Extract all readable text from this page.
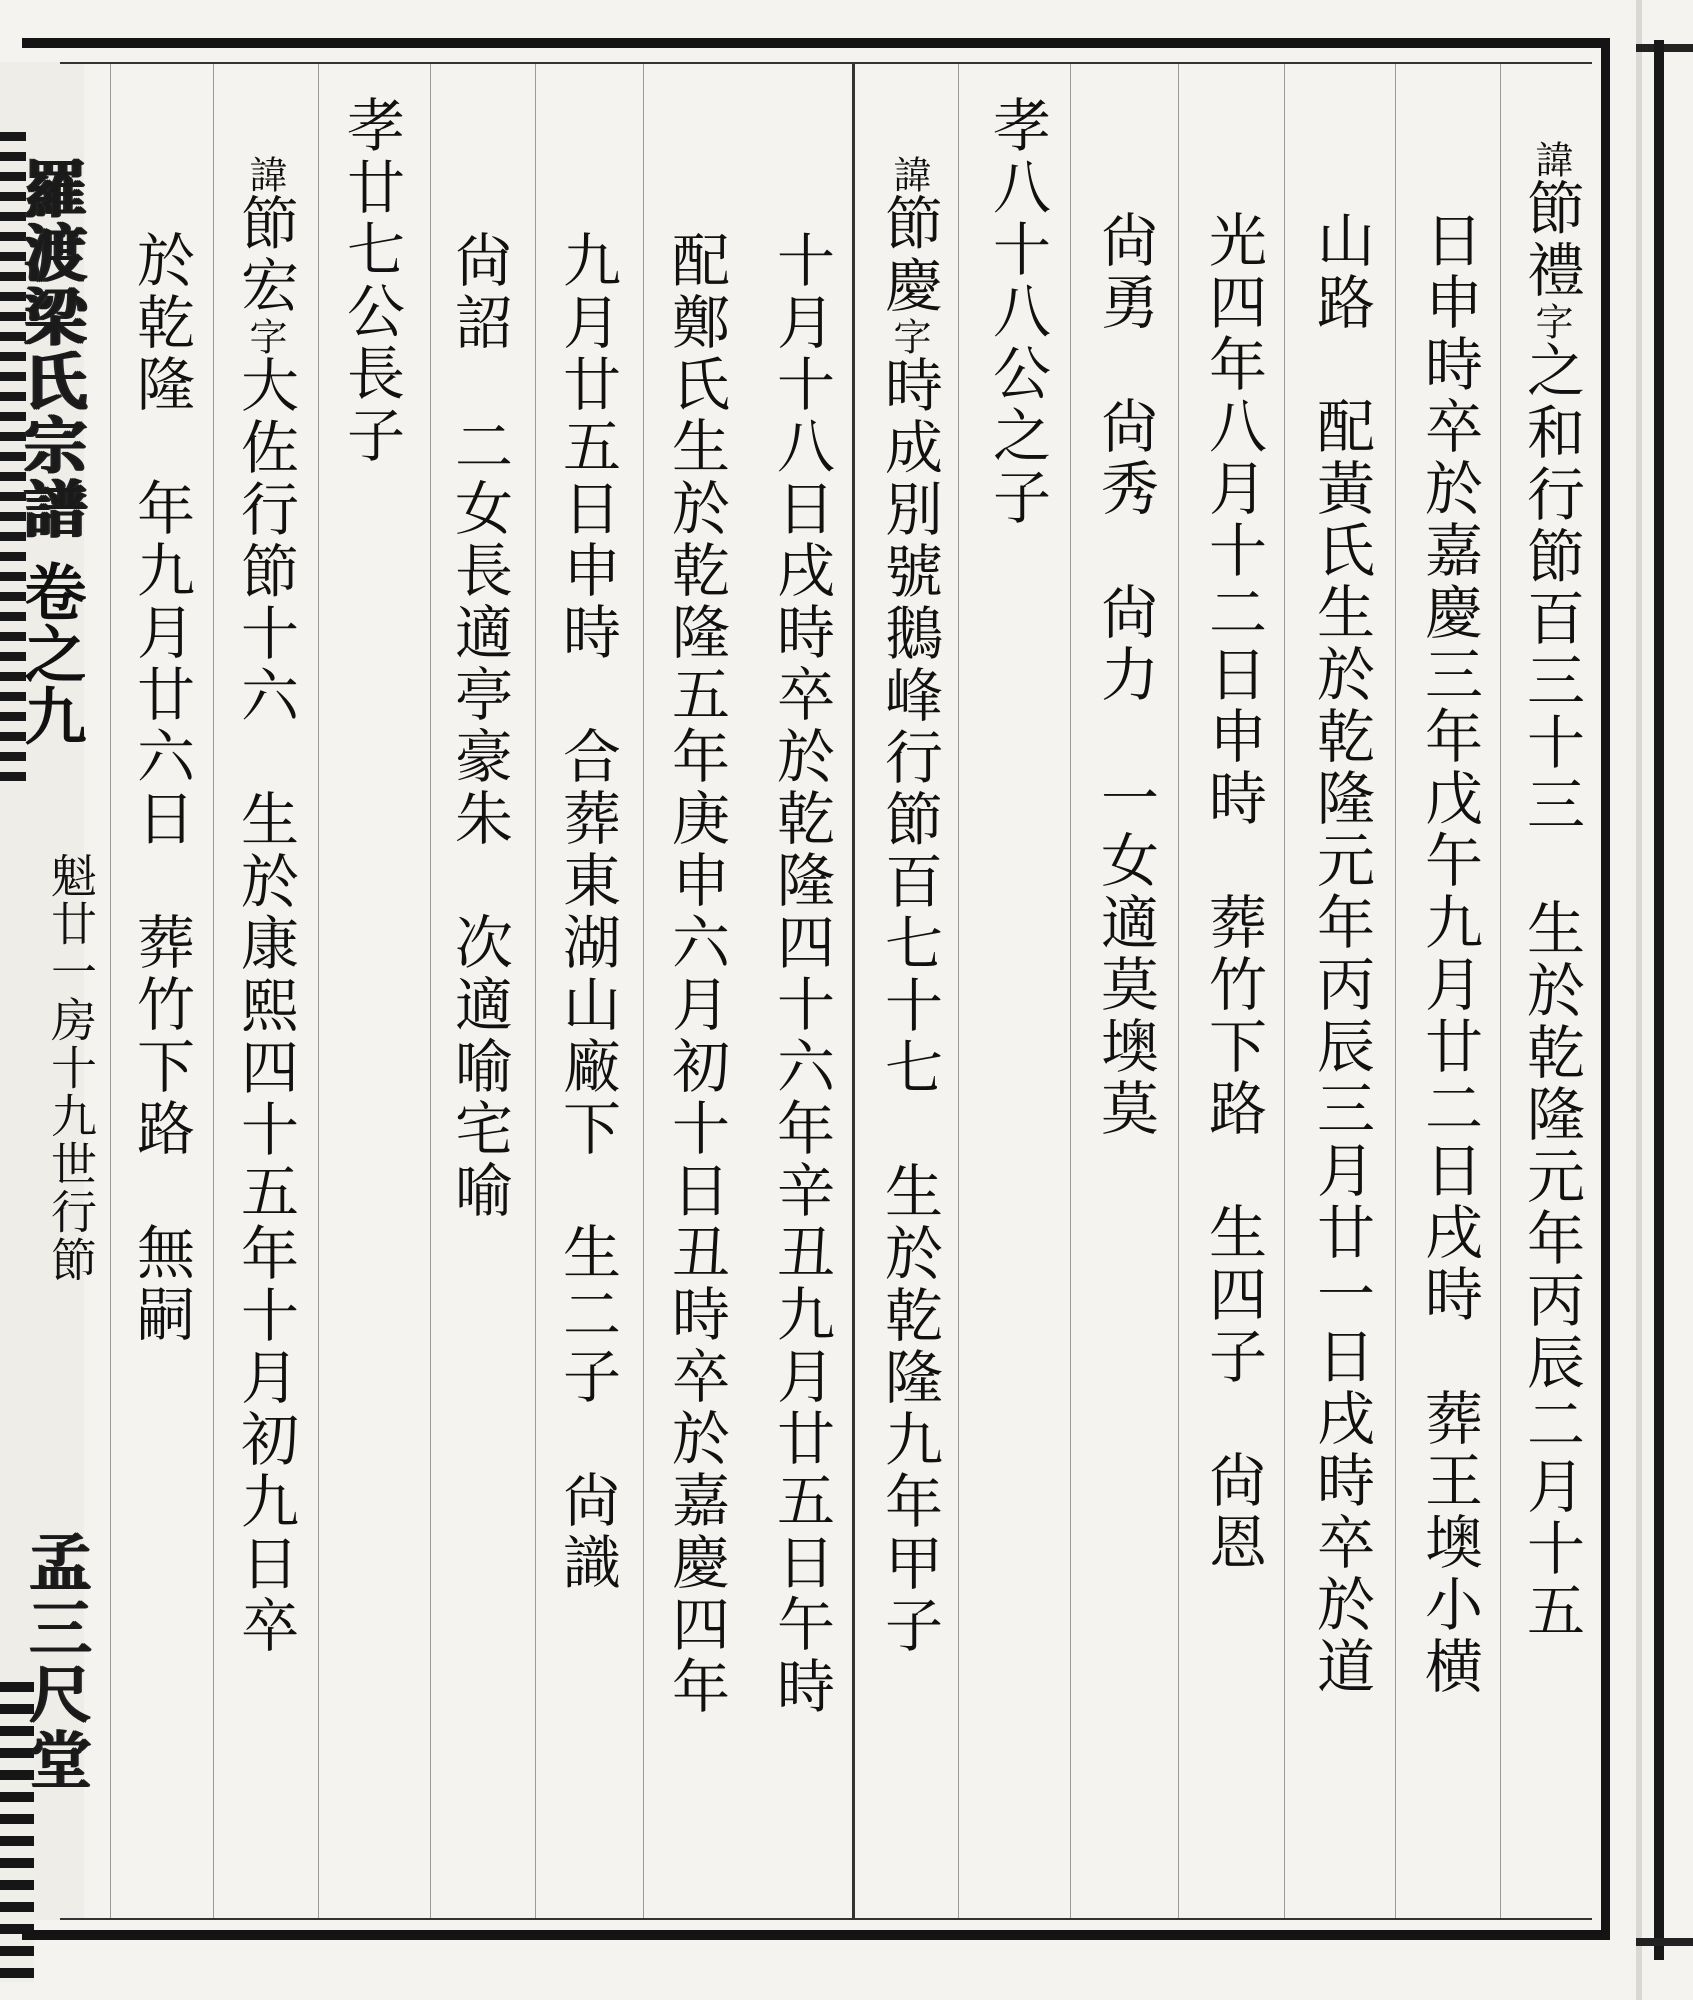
羅渡梁氏宗譜
魁廿一房十九世行節
孟三尺堂
卷之九
諱節禮字之和行節百三十三　生於乾隆元年丙辰二月十五
日申時卒於嘉慶三年戊午九月廿二日戌時　葬王墺小横
山路　配黃氏生於乾隆元年丙辰三月廿一日戌時卒於道
光四年八月十二日申時　葬竹下路　生四子　尙恩
尙勇　尙秀　尙力　一女適莫墺莫
孝八十八公之子
諱節慶字時成別號鵝峰行節百七十七　生於乾隆九年甲子
十月十八日戌時卒於乾隆四十六年辛丑九月廿五日午時
配鄭氏生於乾隆五年庚申六月初十日丑時卒於嘉慶四年
九月廿五日申時　合葬東湖山廠下　生二子　尙識
尙詔　二女長適亭豪朱　次適喻宅喻
孝廿七公長子
諱節宏字大佐行節十六　生於康熙四十五年十月初九日卒
於乾隆　年九月廿六日　葬竹下路　無嗣
